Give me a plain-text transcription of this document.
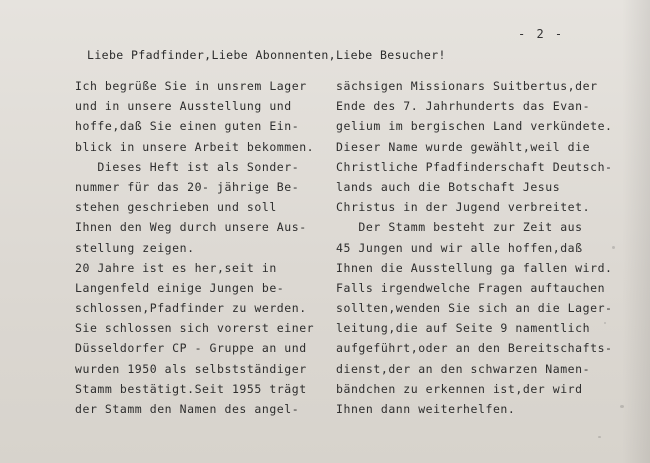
- 2 -
Liebe Pfadfinder,Liebe Abonnenten,Liebe Besucher!
Ich begrüße Sie in unsrem Lager
und in unsere Ausstellung und
hoffe,daß Sie einen guten Ein-
blick in unsere Arbeit bekommen.
Dieses Heft ist als Sonder-
nummer für das 20- jährige Be-
stehen geschrieben und soll
Ihnen den Weg durch unsere Aus-
stellung zeigen.
20 Jahre ist es her,seit in
Langenfeld einige Jungen be-
schlossen,Pfadfinder zu werden.
Sie schlossen sich vorerst einer
Düsseldorfer CP - Gruppe an und
wurden 1950 als selbstständiger
Stamm bestätigt.Seit 1955 trägt
der Stamm den Namen des angel-
sächsigen Missionars Suitbertus,der
Ende des 7. Jahrhunderts das Evan-
gelium im bergischen Land verkündete.
Dieser Name wurde gewählt,weil die
Christliche Pfadfinderschaft Deutsch-
lands auch die Botschaft Jesus
Christus in der Jugend verbreitet.
Der Stamm besteht zur Zeit aus
45 Jungen und wir alle hoffen,daß
Ihnen die Ausstellung ga fallen wird.
Falls irgendwelche Fragen auftauchen
sollten,wenden Sie sich an die Lager-
leitung,die auf Seite 9 namentlich
aufgeführt,oder an den Bereitschafts-
dienst,der an den schwarzen Namen-
bändchen zu erkennen ist,der wird
Ihnen dann weiterhelfen.
